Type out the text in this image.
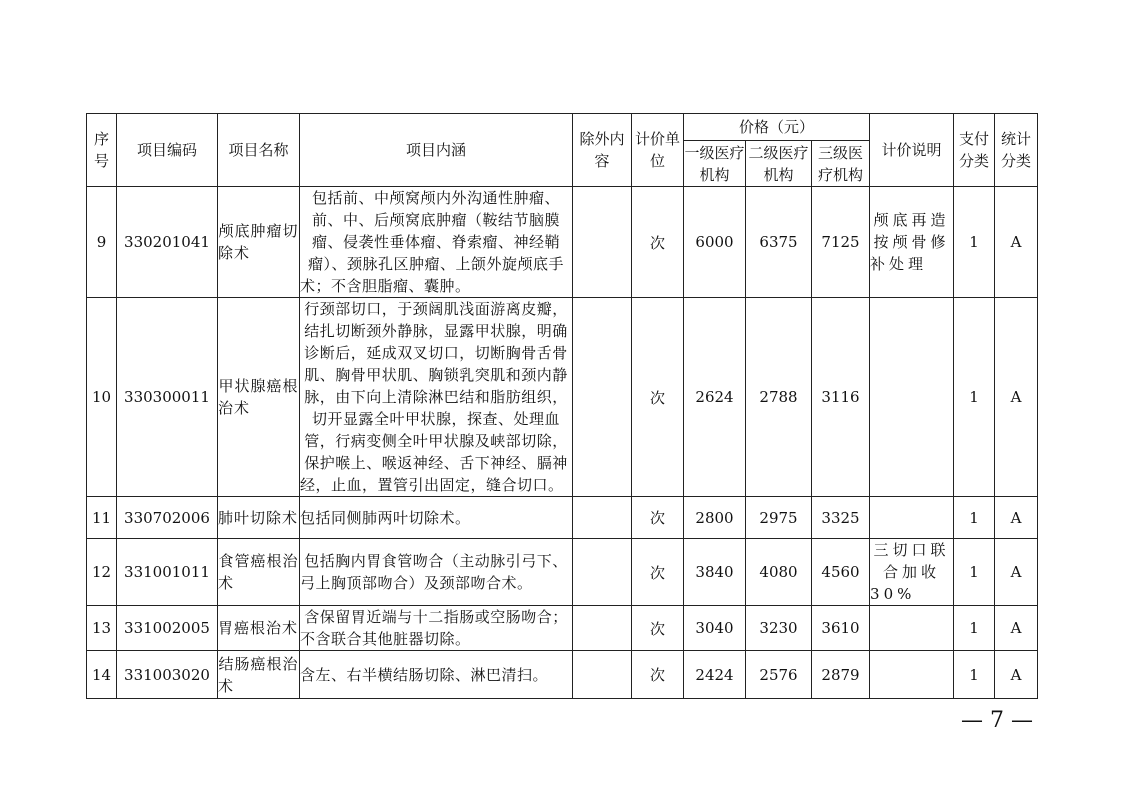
序号	项目编码	项目名称	项目内涵	除外内容	计价单位	价格（元）			计价说明	支付分类	统计分类
						一级医疗机构	二级医疗机构	三级医疗机构			
9	330201041	颅底肿瘤切除术	包括前、中颅窝颅内外沟通性肿瘤、前、中、后颅窝底肿瘤（鞍结节脑膜瘤、侵袭性垂体瘤、脊索瘤、神经鞘瘤）、颈脉孔区肿瘤、上颌外旋颅底手术；不含胆脂瘤、囊肿。		次	6000	6375	7125	颅底再造按颅骨修补处理	1	A
10	330300011	甲状腺癌根治术	行颈部切口，于颈阔肌浅面游离皮瓣，结扎切断颈外静脉，显露甲状腺，明确诊断后，延成双叉切口，切断胸骨舌骨肌、胸骨甲状肌、胸锁乳突肌和颈内静脉，由下向上清除淋巴结和脂肪组织，切开显露全叶甲状腺，探查、处理血管，行病变侧全叶甲状腺及峡部切除，保护喉上、喉返神经、舌下神经、膈神经，止血，置管引出固定，缝合切口。		次	2624	2788	3116		1	A
11	330702006	肺叶切除术	包括同侧肺两叶切除术。		次	2800	2975	3325		1	A
12	331001011	食管癌根治术	包括胸内胃食管吻合（主动脉引弓下、弓上胸顶部吻合）及颈部吻合术。		次	3840	4080	4560	三切口联合加收30%	1	A
13	331002005	胃癌根治术	含保留胃近端与十二指肠或空肠吻合；不含联合其他脏器切除。		次	3040	3230	3610		1	A
14	331003020	结肠癌根治术	含左、右半横结肠切除、淋巴清扫。		次	2424	2576	2879		1	A
— 7 —
